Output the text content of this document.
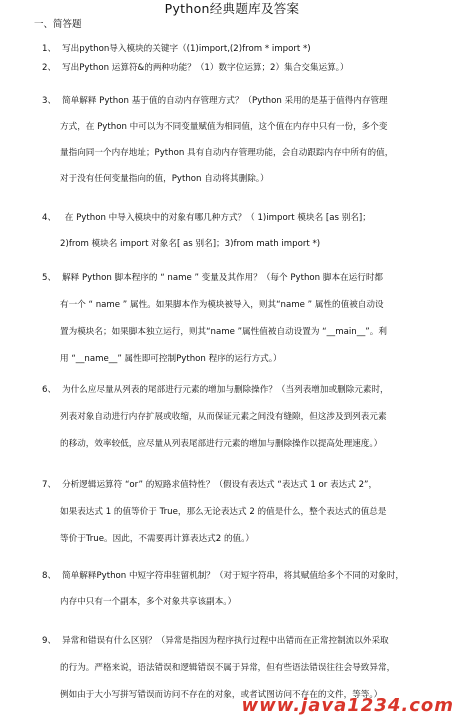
Python经典题库及答案
一、简答题
1、 写出python导入模块的关键字（(1)import,(2)from * import *)
2、 写出Python 运算符&的两种功能？（1）数字位运算；2）集合交集运算。）
3、 简单解释 Python 基于值的自动内存管理方式？（Python 采用的是基于值得内存管理
方式，在 Python 中可以为不同变量赋值为相同值，这个值在内存中只有一份，多个变
量指向同一个内存地址；Python 具有自动内存管理功能，会自动跟踪内存中所有的值，
对于没有任何变量指向的值，Python 自动将其删除。）
4、 在 Python 中导入模块中的对象有哪几种方式？（ 1)import 模块名 [as 别名]；
2)from 模块名 import 对象名[ as 别名]；3)from math import *)
5、 解释 Python 脚本程序的 “ name ” 变量及其作用？（每个 Python 脚本在运行时都
有一个 “ name ” 属性。如果脚本作为模块被导入，则其“name ” 属性的值被自动设
置为模块名；如果脚本独立运行，则其“name ”属性值被自动设置为 “__main__”。利
用 “__name__” 属性即可控制Python 程序的运行方式。）
6、 为什么应尽量从列表的尾部进行元素的增加与删除操作？（当列表增加或删除元素时，
列表对象自动进行内存扩展或收缩，从而保证元素之间没有缝隙，但这涉及到列表元素
的移动，效率较低，应尽量从列表尾部进行元素的增加与删除操作以提高处理速度。）
7、 分析逻辑运算符 “or” 的短路求值特性？（假设有表达式 “表达式 1 or 表达式 2”，
如果表达式 1 的值等价于 True，那么无论表达式 2 的值是什么，整个表达式的值总是
等价于True。因此，不需要再计算表达式2 的值。）
8、 简单解释Python 中短字符串驻留机制？（对于短字符串，将其赋值给多个不同的对象时，
内存中只有一个副本，多个对象共享该副本。）
9、 异常和错误有什么区别？（异常是指因为程序执行过程中出错而在正常控制流以外采取
的行为。严格来说，语法错误和逻辑错误不属于异常，但有些语法错误往往会导致异常，
例如由于大小写拼写错误而访问不存在的对象，或者试图访问不存在的文件，等等。）
www.java1234.com
